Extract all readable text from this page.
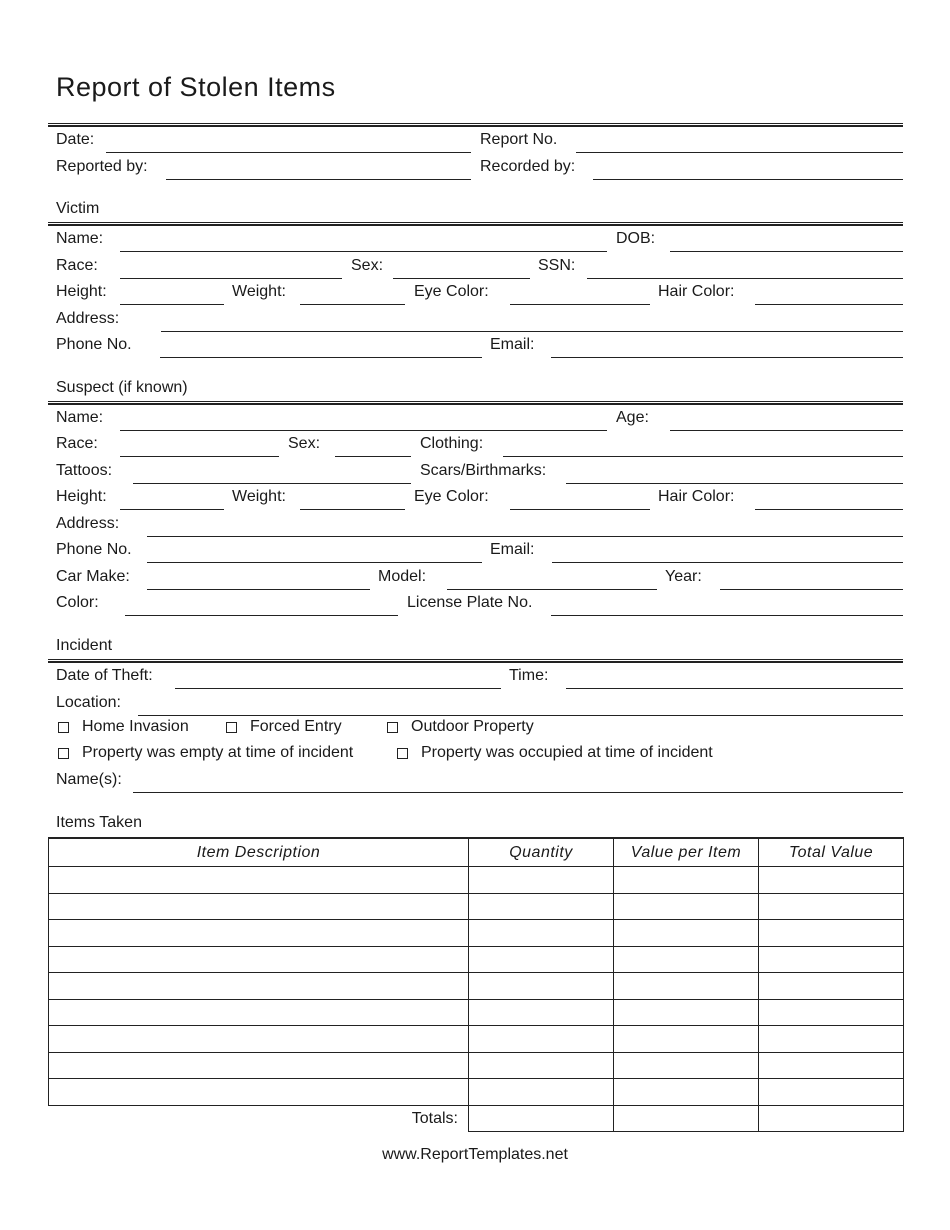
Report of Stolen Items
Date:	Report No.
Reported by:	Recorded by:
Victim
Name:	DOB:
Race:	Sex:	SSN:
Height:	Weight:	Eye Color:	Hair Color:
Address:
Phone No.	Email:
Suspect (if known)
Name:	Age:
Race:	Sex:	Clothing:
Tattoos:	Scars/Birthmarks:
Height:	Weight:	Eye Color:	Hair Color:
Address:
Phone No.	Email:
Car Make:	Model:	Year:
Color:	License Plate No.
Incident
Date of Theft:	Time:
Location:
Home Invasion	Forced Entry	Outdoor Property
Property was empty at time of incident	Property was occupied at time of incident
Name(s):
Items Taken
Item Description	Quantity	Value per Item	Total Value

Totals:			
www.ReportTemplates.net
